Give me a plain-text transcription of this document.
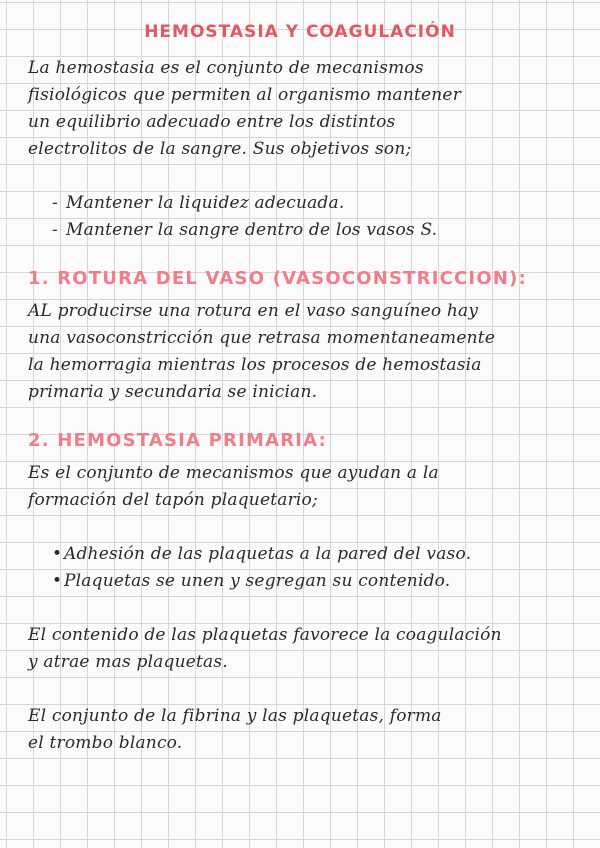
HEMOSTASIA Y COAGULACIÓN
La hemostasia es el conjunto de mecanismos
fisiológicos que permiten al organismo mantener
un equilibrio adecuado entre los distintos
electrolitos de la sangre. Sus objetivos son;
- Mantener la liquidez adecuada.
- Mantener la sangre dentro de los vasos S.
1. ROTURA DEL VASO (VASOCONSTRICCION):
AL producirse una rotura en el vaso sanguíneo hay
una vasoconstricción que retrasa momentaneamente
la hemorragia mientras los procesos de hemostasia
primaria y secundaria se inician.
2. HEMOSTASIA PRIMARIA:
Es el conjunto de mecanismos que ayudan a la
formación del tapón plaquetario;
• Adhesión de las plaquetas a la pared del vaso.
• Plaquetas se unen y segregan su contenido.
El contenido de las plaquetas favorece la coagulación
y atrae mas plaquetas.
El conjunto de la fibrina y las plaquetas, forma
el trombo blanco.
